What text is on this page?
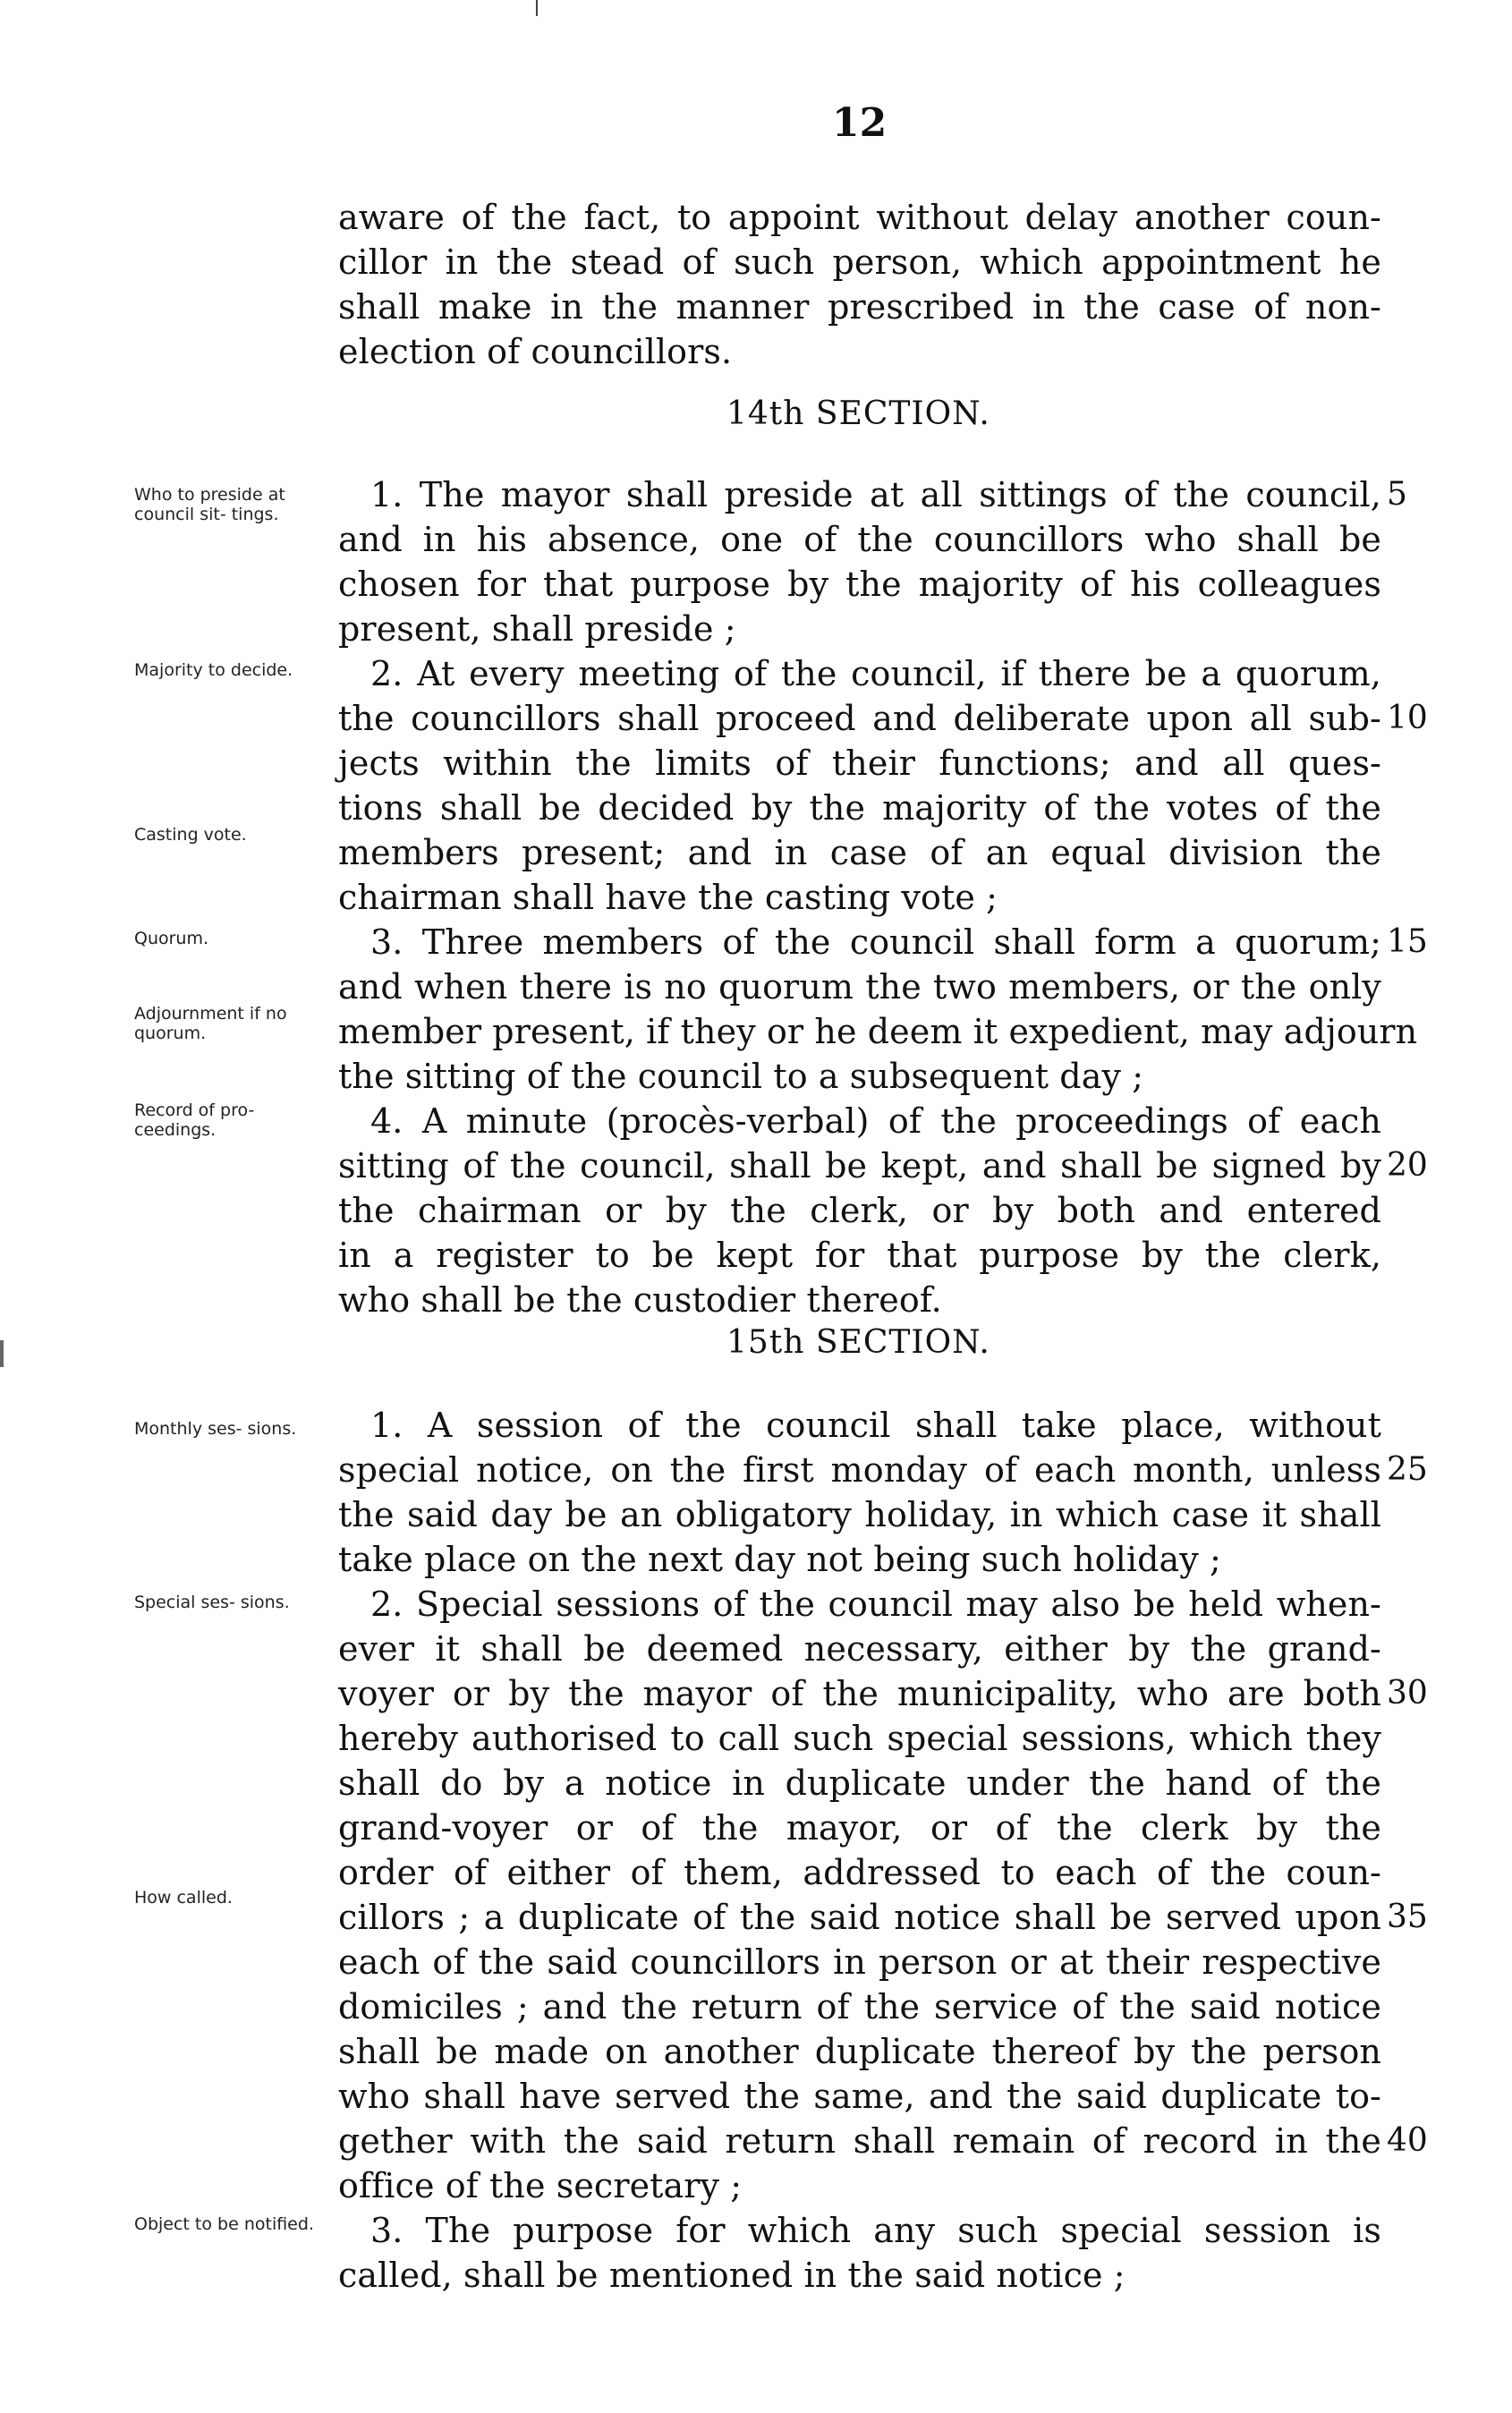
12
aware of the fact, to appoint without delay another coun-
cillor in the stead of such person, which appointment he
shall make in the manner prescribed in the case of non-
election of councillors.
14th SECTION.
1. The mayor shall preside at all sittings of the council,
and in his absence, one of the councillors who shall be
chosen for that purpose by the majority of his colleagues
present, shall preside ;
2. At every meeting of the council, if there be a quorum,
the councillors shall proceed and deliberate upon all sub-
jects within the limits of their functions; and all ques-
tions shall be decided by the majority of the votes of the
members present; and in case of an equal division the
chairman shall have the casting vote ;
3. Three members of the council shall form a quorum;
and when there is no quorum the two members, or the only
member present, if they or he deem it expedient, may adjourn
the sitting of the council to a subsequent day ;
4. A minute (procès-verbal) of the proceedings of each
sitting of the council, shall be kept, and shall be signed by
the chairman or by the clerk, or by both and entered
in a register to be kept for that purpose by the clerk,
who shall be the custodier thereof.
Who to preside at council sit- tings.
Majority to decide.
Casting vote.
Quorum.
Adjournment if no quorum.
Record of pro- ceedings.
15th SECTION.
1. A session of the council shall take place, without
special notice, on the first monday of each month, unless
the said day be an obligatory holiday, in which case it shall
take place on the next day not being such holiday ;
2. Special sessions of the council may also be held when-
ever it shall be deemed necessary, either by the grand-
voyer or by the mayor of the municipality, who are both
hereby authorised to call such special sessions, which they
shall do by a notice in duplicate under the hand of the
grand-voyer or of the mayor, or of the clerk by the
order of either of them, addressed to each of the coun-
cillors ; a duplicate of the said notice shall be served upon
each of the said councillors in person or at their respective
domiciles ; and the return of the service of the said notice
shall be made on another duplicate thereof by the person
who shall have served the same, and the said duplicate to-
gether with the said return shall remain of record in the
office of the secretary ;
3. The purpose for which any such special session is
called, shall be mentioned in the said notice ;
Monthly ses- sions.
Special ses- sions.
How called.
Object to be notified.
5
10
15
20
25
30
35
40
